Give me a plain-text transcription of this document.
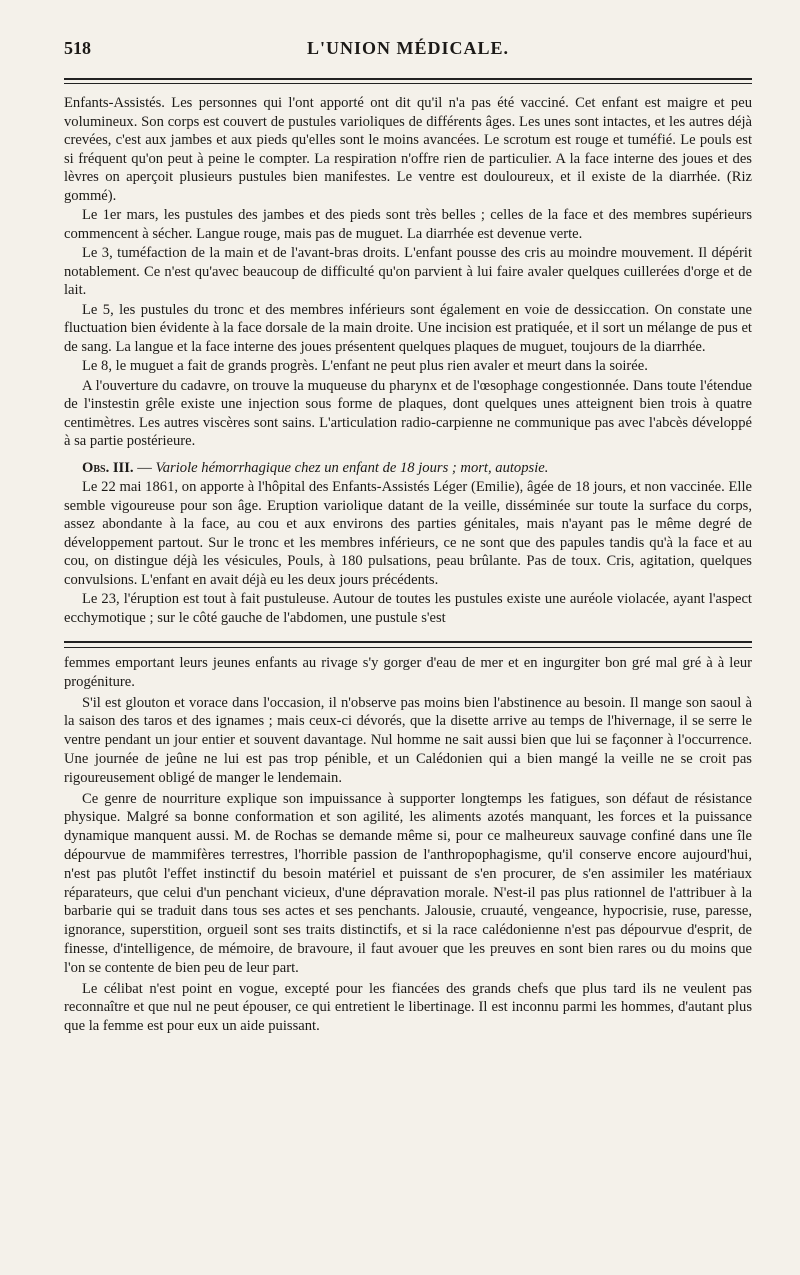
518	L'UNION MÉDICALE.

Enfants-Assistés. Les personnes qui l'ont apporté ont dit qu'il n'a pas été vacciné. Cet enfant est maigre et peu volumineux. Son corps est couvert de pustules varioliques de différents âges. Les unes sont intactes, et les autres déjà crevées, c'est aux jambes et aux pieds qu'elles sont le moins avancées. Le scrotum est rouge et tuméfié. Le pouls est si fréquent qu'on peut à peine le compter. La respiration n'offre rien de particulier. A la face interne des joues et des lèvres on aperçoit plusieurs pustules bien manifestes. Le ventre est douloureux, et il existe de la diarrhée. (Riz gommé).

Le 1er mars, les pustules des jambes et des pieds sont très belles ; celles de la face et des membres supérieurs commencent à sécher. Langue rouge, mais pas de muguet. La diarrhée est devenue verte.

Le 3, tuméfaction de la main et de l'avant-bras droits. L'enfant pousse des cris au moindre mouvement. Il dépérit notablement. Ce n'est qu'avec beaucoup de difficulté qu'on parvient à lui faire avaler quelques cuillerées d'orge et de lait.

Le 5, les pustules du tronc et des membres inférieurs sont également en voie de dessiccation. On constate une fluctuation bien évidente à la face dorsale de la main droite. Une incision est pratiquée, et il sort un mélange de pus et de sang. La langue et la face interne des joues présentent quelques plaques de muguet, toujours de la diarrhée.

Le 8, le muguet a fait de grands progrès. L'enfant ne peut plus rien avaler et meurt dans la soirée.

A l'ouverture du cadavre, on trouve la muqueuse du pharynx et de l'œsophage congestionnée. Dans toute l'étendue de l'instestin grêle existe une injection sous forme de plaques, dont quelques unes atteignent bien trois à quatre centimètres. Les autres viscères sont sains. L'articulation radio-carpienne ne communique pas avec l'abcès développé à sa partie postérieure.

Obs. III. — Variole hémorrhagique chez un enfant de 18 jours ; mort, autopsie.

Le 22 mai 1861, on apporte à l'hôpital des Enfants-Assistés Léger (Emilie), âgée de 18 jours, et non vaccinée. Elle semble vigoureuse pour son âge. Eruption variolique datant de la veille, disséminée sur toute la surface du corps, assez abondante à la face, au cou et aux environs des parties génitales, mais n'ayant pas le même degré de développement partout. Sur le tronc et les membres inférieurs, ce ne sont que des papules tandis qu'à la face et au cou, on distingue déjà les vésicules, Pouls, à 180 pulsations, peau brûlante. Pas de toux. Cris, agitation, quelques convulsions. L'enfant en avait déjà eu les deux jours précédents.

Le 23, l'éruption est tout à fait pustuleuse. Autour de toutes les pustules existe une auréole violacée, ayant l'aspect ecchymotique ; sur le côté gauche de l'abdomen, une pustule s'est

femmes emportant leurs jeunes enfants au rivage s'y gorger d'eau de mer et en ingurgiter bon gré mal gré à à leur progéniture.

S'il est glouton et vorace dans l'occasion, il n'observe pas moins bien l'abstinence au besoin. Il mange son saoul à la saison des taros et des ignames ; mais ceux-ci dévorés, que la disette arrive au temps de l'hivernage, il se serre le ventre pendant un jour entier et souvent davantage. Nul homme ne sait aussi bien que lui se façonner à l'occurrence. Une journée de jeûne ne lui est pas trop pénible, et un Calédonien qui a bien mangé la veille ne se croit pas rigoureusement obligé de manger le lendemain.

Ce genre de nourriture explique son impuissance à supporter longtemps les fatigues, son défaut de résistance physique. Malgré sa bonne conformation et son agilité, les aliments azotés manquant, les forces et la puissance dynamique manquent aussi. M. de Rochas se demande même si, pour ce malheureux sauvage confiné dans une île dépourvue de mammifères terrestres, l'horrible passion de l'anthropophagisme, qu'il conserve encore aujourd'hui, n'est pas plutôt l'effet instinctif du besoin matériel et puissant de s'en procurer, de s'en assimiler les matériaux réparateurs, que celui d'un penchant vicieux, d'une dépravation morale. N'est-il pas plus rationnel de l'attribuer à la barbarie qui se traduit dans tous ses actes et ses penchants. Jalousie, cruauté, vengeance, hypocrisie, ruse, paresse, ignorance, superstition, orgueil sont ses traits distinctifs, et si la race calédonienne n'est pas dépourvue d'esprit, de finesse, d'intelligence, de mémoire, de bravoure, il faut avouer que les preuves en sont bien rares ou du moins que l'on se contente de bien peu de leur part.

Le célibat n'est point en vogue, excepté pour les fiancées des grands chefs que plus tard ils ne veulent pas reconnaître et que nul ne peut épouser, ce qui entretient le libertinage. Il est inconnu parmi les hommes, d'autant plus que la femme est pour eux un aide puissant.
